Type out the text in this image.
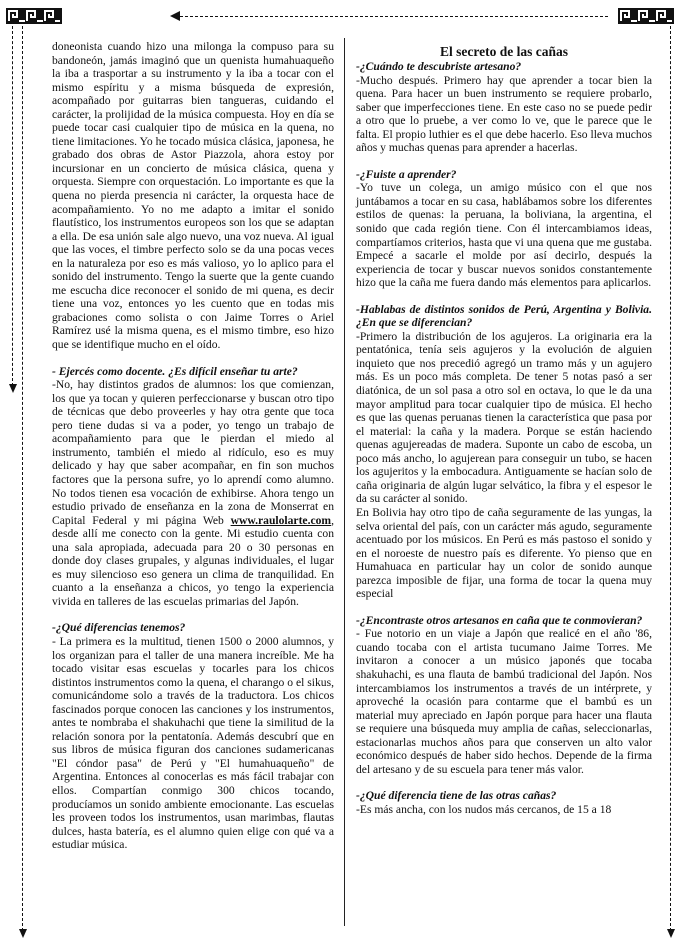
doneonista cuando hizo una milonga la compuso para su bandoneón, jamás imaginó que un quenista humahuaqueño la iba a trasportar a su instrumento y la iba a tocar con el mismo espíritu y a misma búsqueda de expresión, acompañado por guitarras bien tangueras, cuidando el carácter, la prolijidad de la música compuesta. Hoy en día se puede tocar casi cualquier tipo de música en la quena, no tiene limitaciones. Yo he tocado música clásica, japonesa, he grabado dos obras de Astor Piazzola, ahora estoy por incursionar en un concierto de música clásica, quena y orquesta. Siempre con orquestación. Lo importante es que la quena no pierda presencia ni carácter, la orquesta hace de acompañamiento. Yo no me adapto a imitar el sonido flautístico, los instrumentos europeos son los que se adaptan a ella. De esa unión sale algo nuevo, una voz nueva. Al igual que las voces, el timbre perfecto solo se da una pocas veces en la naturaleza por eso es más valioso, yo lo aplico para el sonido del instrumento. Tengo la suerte que la gente cuando me escucha dice reconocer el sonido de mi quena, es decir tiene una voz, entonces yo les cuento que en todas mis grabaciones como solista o con Jaime Torres o Ariel Ramírez usé la misma quena, es el mismo timbre, eso hizo que se identifique mucho en el oído.

- Ejercés como docente. ¿Es difícil enseñar tu arte?

-No, hay distintos grados de alumnos: los que comienzan, los que ya tocan y quieren perfeccionarse y buscan otro tipo de técnicas que debo proveerles y hay otra gente que toca pero tiene dudas si va a poder, yo tengo un trabajo de acompañamiento para que le pierdan el miedo al instrumento, también el miedo al ridículo, eso es muy delicado y hay que saber acompañar, en fin son muchos factores que la persona sufre, yo lo aprendí como alumno. No todos tienen esa vocación de exhibirse. Ahora tengo un estudio privado de enseñanza en la zona de Monserrat en Capital Federal y mi página Web www.raulolarte.com, desde allí me conecto con la gente. Mi estudio cuenta con una sala apropiada, adecuada para 20 o 30 personas en donde doy clases grupales, y algunas individuales, el lugar es muy silencioso eso genera un clima de tranquilidad. En cuanto a la enseñanza a chicos, yo tengo la experiencia vivida en talleres de las escuelas primarias del Japón.

-¿Qué diferencias tenemos?

- La primera es la multitud, tienen 1500 o 2000 alumnos, y los organizan para el taller de una manera increíble. Me ha tocado visitar esas escuelas y tocarles para los chicos distintos instrumentos como la quena, el charango o el sikus, comunicándome solo a través de la traductora. Los chicos fascinados porque conocen las canciones y los instrumentos, antes te nombraba el shakuhachi que tiene la similitud de la relación sonora por la pentatonía. Además descubrí que en sus libros de música figuran dos canciones sudamericanas "El cóndor pasa" de Perú y "El humahuaqueño" de Argentina. Entonces al conocerlas es más fácil trabajar con ellos. Compartían conmigo 300 chicos tocando, producíamos un sonido ambiente emocionante. Las escuelas les proveen todos los instrumentos, usan marimbas, flautas dulces, hasta batería, es el alumno quien elige con qué va a estudiar música.

El secreto de las cañas

-¿Cuándo te descubriste artesano?

-Mucho después. Primero hay que aprender a tocar bien la quena. Para hacer un buen instrumento se requiere probarlo, saber que imperfecciones tiene. En este caso no se puede pedir a otro que lo pruebe, a ver como lo ve, que le parece que le falta. El propio luthier es el que debe hacerlo. Eso lleva muchos años y muchas quenas para aprender a hacerlas.

-¿Fuiste a aprender?

-Yo tuve un colega, un amigo músico con el que nos juntábamos a tocar en su casa, hablábamos sobre los diferentes estilos de quenas: la peruana, la boliviana, la argentina, el sonido que cada región tiene. Con él intercambiamos ideas, compartíamos criterios, hasta que vi una quena que me gustaba. Empecé a sacarle el molde por así decirlo, después la experiencia de tocar y buscar nuevos sonidos constantemente hizo que la caña me fuera dando más elementos para aplicarlos.

-Hablabas de distintos sonidos de Perú, Argentina y Bolivia. ¿En que se diferencian?

-Primero la distribución de los agujeros. La originaria era la pentatónica, tenía seis agujeros y la evolución de alguien inquieto que nos precedió agregó un tramo más y un agujero más. Es un poco más completa. De tener 5 notas pasó a ser diatónica, de un sol pasa a otro sol en octava, lo que le da una mayor amplitud para tocar cualquier tipo de música. El hecho es que las quenas peruanas tienen la característica que pasa por el material: la caña y la madera. Porque se están haciendo quenas agujereadas de madera. Suponte un cabo de escoba, un poco más ancho, lo agujerean para conseguir un tubo, se hacen los agujeritos y la embocadura. Antiguamente se hacían solo de caña originaria de algún lugar selvático, la fibra y el espesor le da su carácter al sonido.

En Bolivia hay otro tipo de caña seguramente de las yungas, la selva oriental del país, con un carácter más agudo, seguramente acentuado por los músicos. En Perú es más pastoso el sonido y en el noroeste de nuestro país es diferente. Yo pienso que en Humahuaca en particular hay un color de sonido aunque parezca imposible de fijar, una forma de tocar la quena muy especial

-¿Encontraste otros artesanos en caña que te conmovieran?

- Fue notorio en un viaje a Japón que realicé en el año '86, cuando tocaba con el artista tucumano Jaime Torres. Me invitaron a conocer a un músico japonés que tocaba shakuhachi, es una flauta de bambú tradicional del Japón. Nos intercambiamos los instrumentos a través de un intérprete, y aproveché la ocasión para contarme que el bambú es un material muy apreciado en Japón porque para hacer una flauta se requiere una búsqueda muy amplia de cañas, seleccionarlas, estacionarlas muchos años para que conserven un alto valor económico después de haber sido hechos. Depende de la firma del artesano y de su escuela para tener más valor.

-¿Qué diferencia tiene de las otras cañas?

-Es más ancha, con los nudos más cercanos, de 15 a 18
